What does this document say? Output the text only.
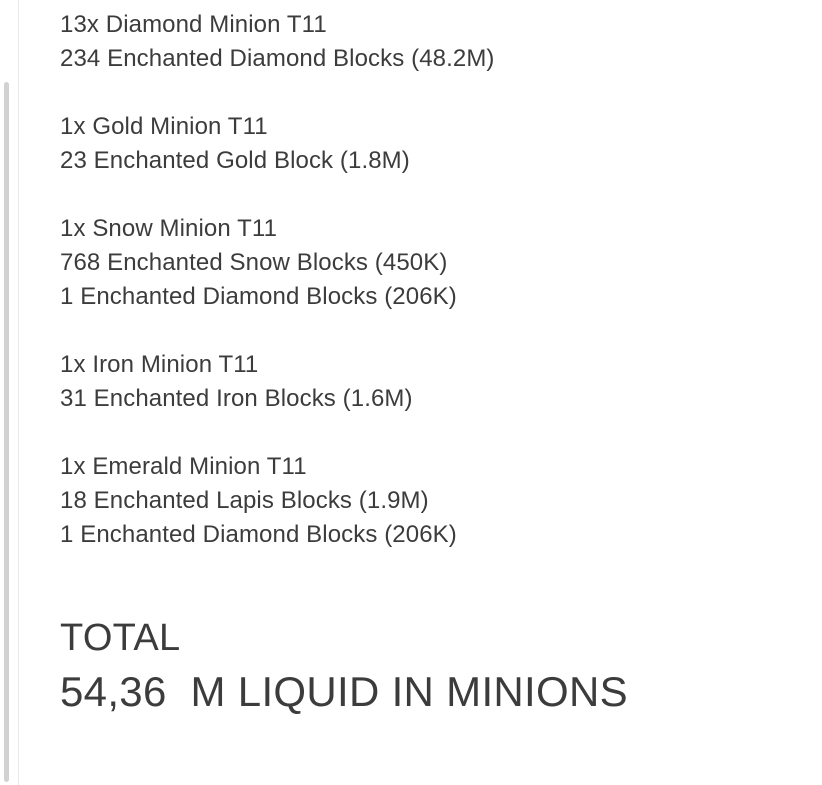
13x Diamond Minion T11
234 Enchanted Diamond Blocks (48.2M)
1x Gold Minion T11
23 Enchanted Gold Block (1.8M)
1x Snow Minion T11
768 Enchanted Snow Blocks (450K)
1 Enchanted Diamond Blocks (206K)
1x Iron Minion T11
31 Enchanted Iron Blocks (1.6M)
1x Emerald Minion T11
18 Enchanted Lapis Blocks (1.9M)
1 Enchanted Diamond Blocks (206K)
TOTAL
54,36  M LIQUID IN MINIONS
